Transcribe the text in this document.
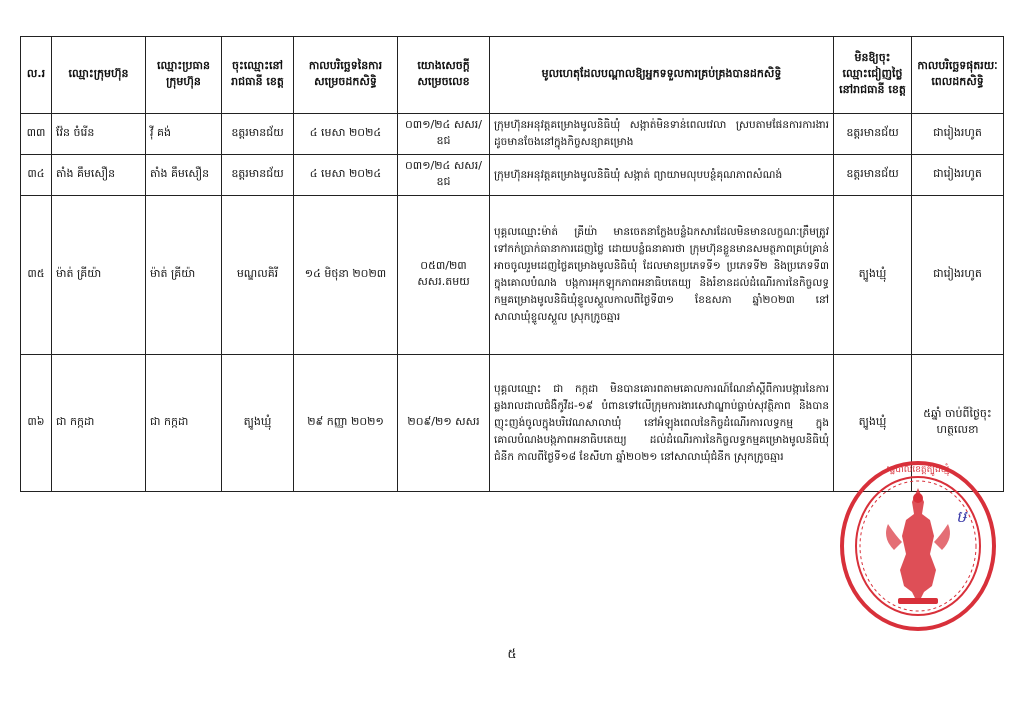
ល.រ	ឈ្មោះក្រុមហ៊ុន	ឈ្មោះប្រធានក្រុមហ៊ុន	ចុះឈ្មោះនៅរាជធានី ខេត្ត	កាលបរិច្ឆេទនៃការសម្រេចដកសិទ្ធិ	យោងសេចក្តីសម្រេចលេខ	មូលហេតុដែលបណ្តាលឱ្យអ្នកទទួលការគ្រប់គ្រងបានដកសិទ្ធិ	មិនឱ្យចុះឈ្មោះជៀញថ្លៃនៅរាជធានី ខេត្ត	កាលបរិច្ឆេទផុតរយៈពេលដកសិទ្ធិ
៣៣	វ៉ែន ចំរើន	វ៉ី គង់	ឧត្តរមានជ័យ	៤ មេសា ២០២៤	០៣១/២៤ សសរ/ឧជ	ក្រុមហ៊ុនអនុវត្តគម្រោងមូលនិធិឃុំ សង្កាត់មិនទាន់ពេលវេលា ស្របតាមផែនការការងារ ដូចមានចែងនៅក្នុងកិច្ចសន្យាគម្រោង	ឧត្តរមានជ័យ	ជារៀងរហូត
៣៤	តាំង គឹមសឿន	តាំង គឹមសឿន	ឧត្តរមានជ័យ	៤ មេសា ២០២៤	០៣១/២៤ សសរ/ឧជ	ក្រុមហ៊ុនអនុវត្តគម្រោងមូលនិធិឃុំ សង្កាត់ ព្យាយាមលុបបន្ថំគុណភាពសំណង់	ឧត្តរមានជ័យ	ជារៀងរហូត
៣៥	ម៉ាត់ គ្រីយ៉ា	ម៉ាត់ គ្រីយ៉ា	មណ្ឌលគិរី	១៤ មិថុនា ២០២៣	០៥៣/២៣ សសរ.តមយ	បុគ្គលឈ្មោះម៉ាត់ គ្រីយ៉ា មានចេតនាក្លែងបន្លំឯកសារដែលមិនមានលក្ខណៈត្រឹមត្រូវទៅកក់ប្រាក់ធានាការដេញថ្លៃ ដោយបន្លំធនាគារថា ក្រុមហ៊ុនខ្លួនមានសមត្ថភាពគ្រប់គ្រាន់អាចចូលរួមដេញថ្លៃគម្រោងមូលនិធិឃុំ ដែលមានប្រភេទទី១ ប្រភេទទី២ និងប្រភេទទី៣ ក្នុងគោលបំណង បង្កការអុកឡុកភាពអនាធិបតេយ្យ និងរំខានដល់ដំណើរការនៃកិច្ចលទ្ធកម្មគម្រោងមូលនិធិឃុំខ្ទូលស្គួលកាលពីថ្ងៃទី៣១ ខែឧសភា ឆ្នាំ២០២៣ នៅសាលាឃុំខ្ទូលស្គួល ស្រុកក្រូចឆ្មារ	ត្បូងឃ្មុំ	ជារៀងរហូត
៣៦	ជា កក្កដា	ជា កក្កដា	ត្បូងឃ្មុំ	២៩ កញ្ញា ២០២១	២០៩/២១ សសរ	បុគ្គលឈ្មោះ ជា កក្កដា មិនបានគោរពតាមគោលការណ៍ណែនាំស្តីពីការបង្ការនៃការឆ្លងរាលដាលជំងឺកូវីដ-១៩ បំពានទៅលើក្រុមការងារសេវាណ្ឌាប់ធ្លាប់សុវត្ថិភាព និងបានញុះញង់ចូលក្នុងបរិវេណសាលាឃុំ នៅអំឡុងពេលនៃកិច្ចដំណើរការលទ្ធកម្ម ក្នុងគោលបំណងបង្កភាពអនាធិបតេយ្យ ដល់ដំណើរការនៃកិច្ចលទ្ធកម្មគម្រោងមូលនិធិឃុំជំនីក កាលពីថ្ងៃទី១៨ ខែសីហា ឆ្នាំ២០២១ នៅសាលាឃុំជំនីក ស្រុកក្រូចឆ្មារ	ត្បូងឃ្មុំ	៥ឆ្នាំ ចាប់ពីថ្ងៃចុះហត្ថលេខា
រដ្ឋបាលខេត្តត្បូងឃ្មុំ
ឞ
៥
